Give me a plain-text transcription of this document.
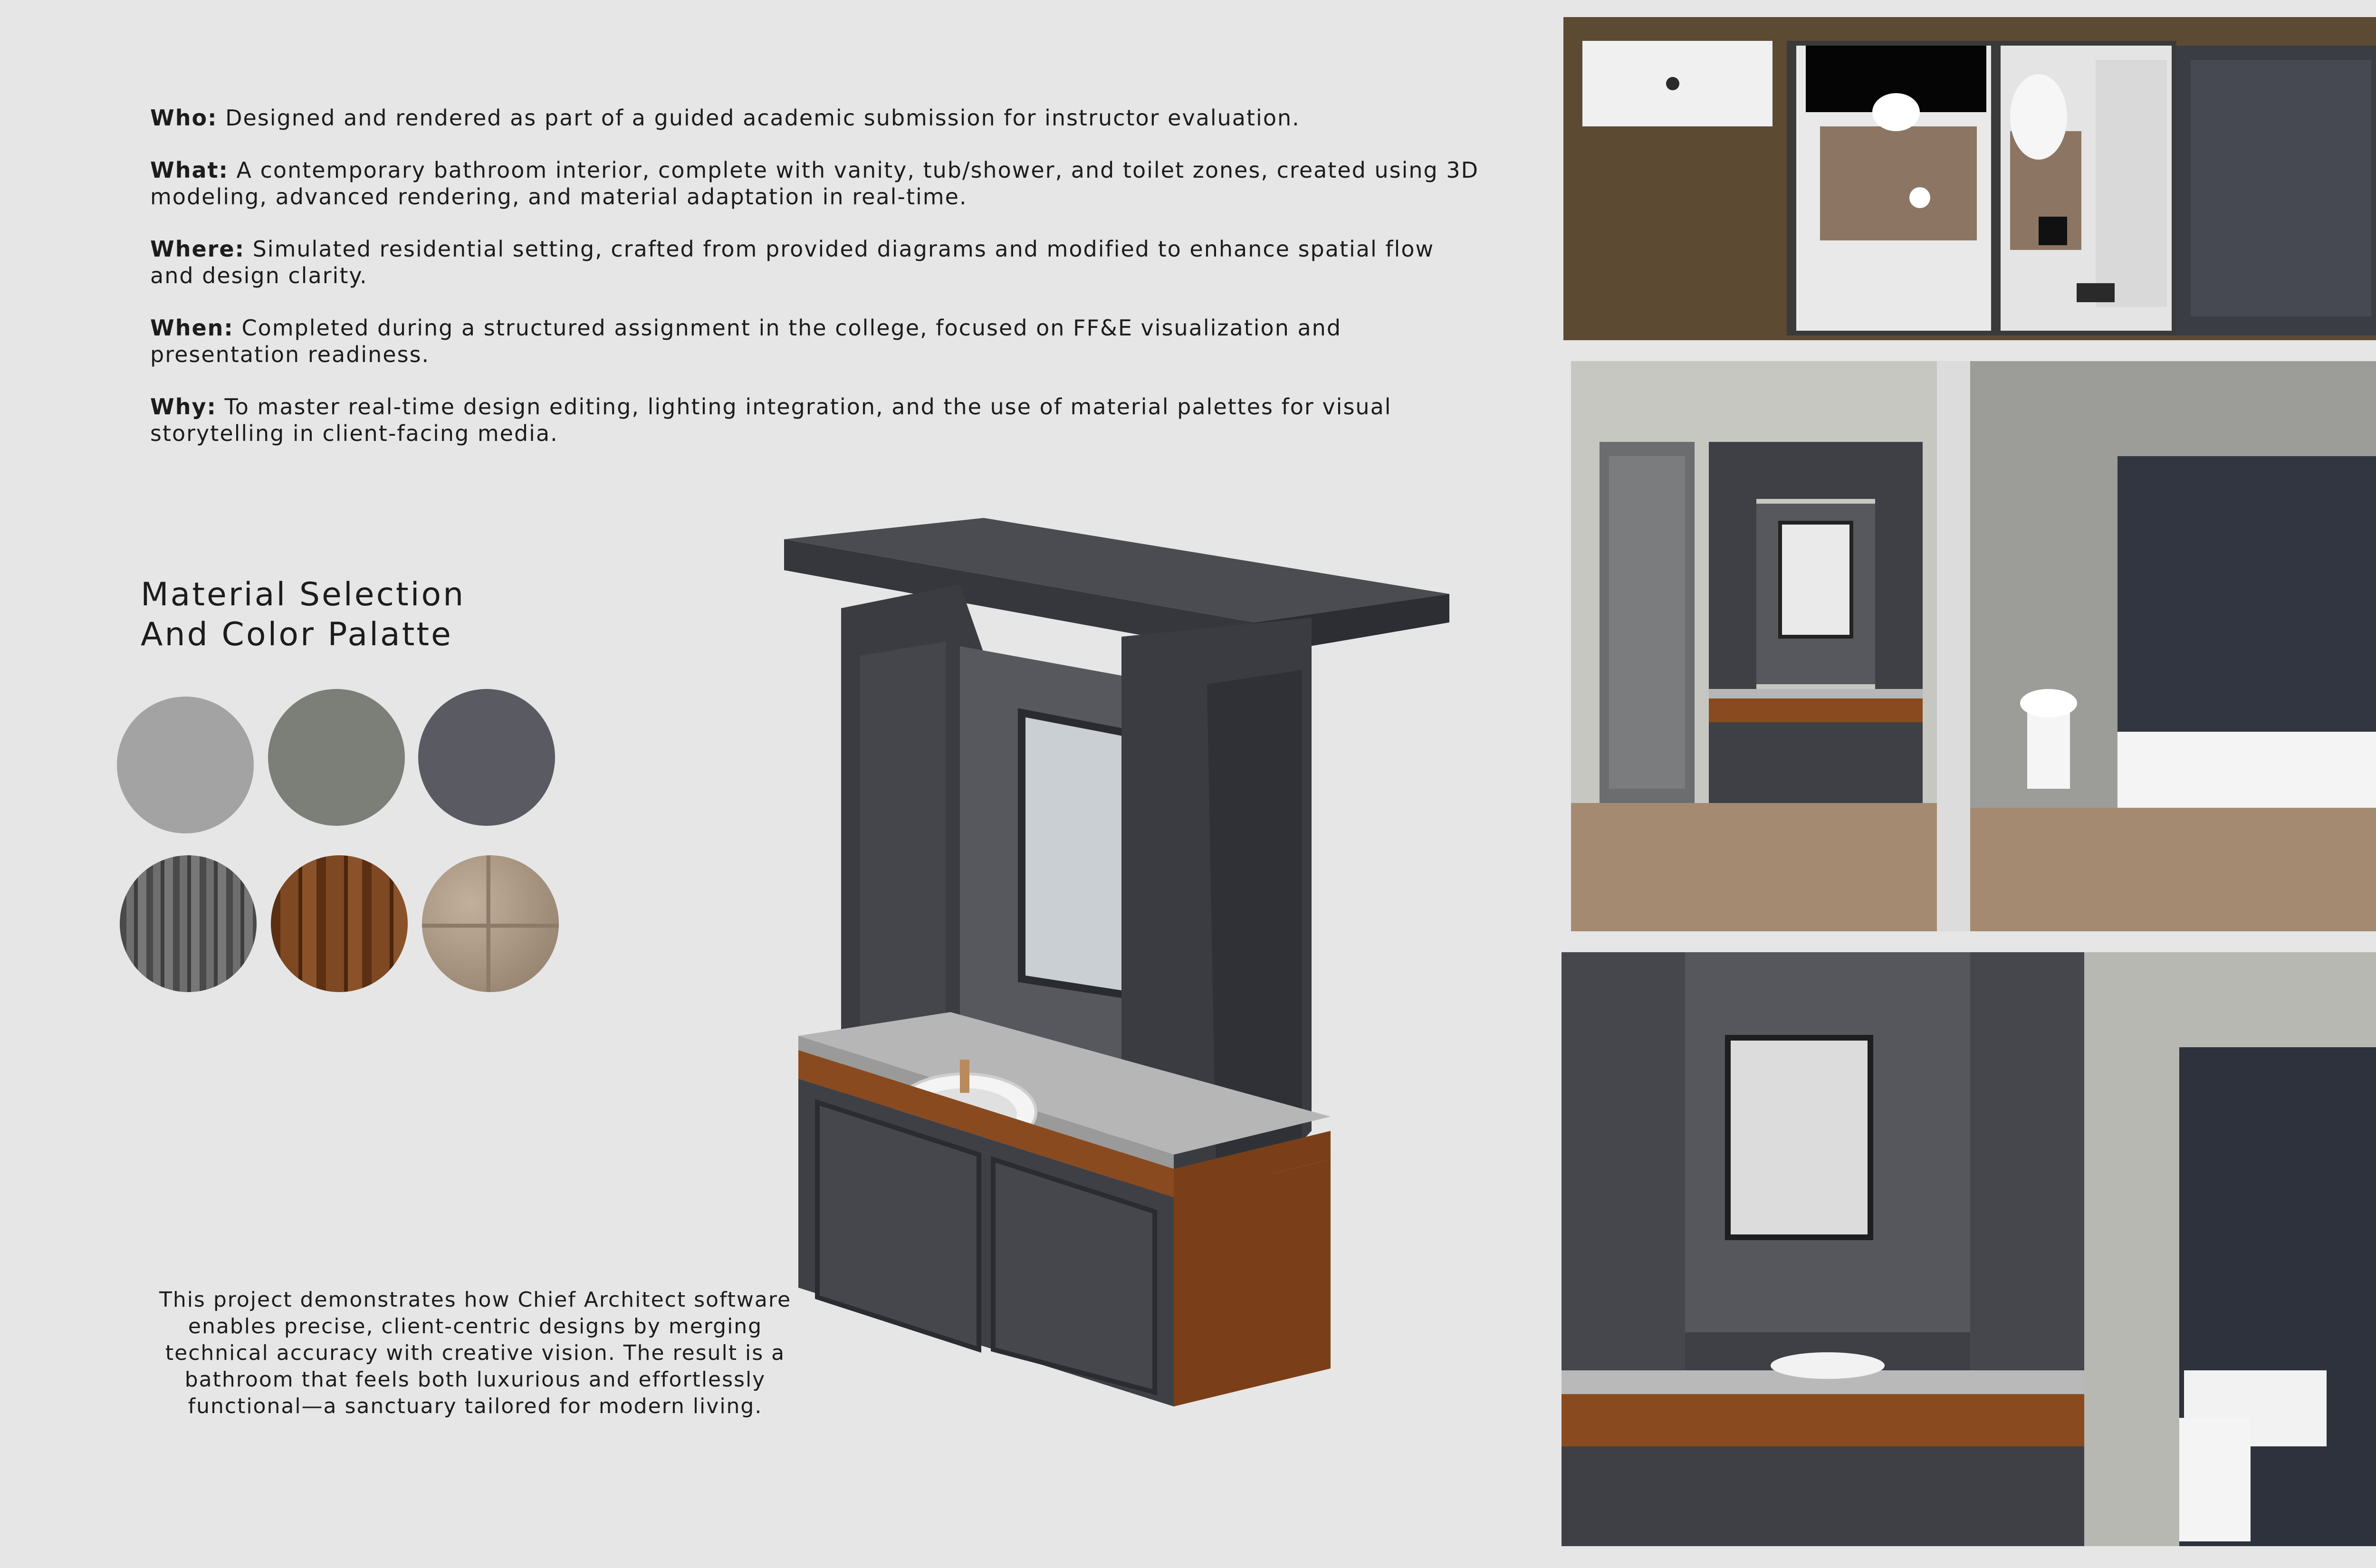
Who: Designed and rendered as part of a guided academic submission for instructor evaluation.

What: A contemporary bathroom interior, complete with vanity, tub/shower, and toilet zones, created using 3D modeling, advanced rendering, and material adaptation in real-time.

Where: Simulated residential setting, crafted from provided diagrams and modified to enhance spatial flow and design clarity.

When: Completed during a structured assignment in the college, focused on FF&E visualization and presentation readiness.

Why: To master real-time design editing, lighting integration, and the use of material palettes for visual storytelling in client-facing media.

Material Selection
And Color Palatte
This project demonstrates how Chief Architect software enables precise, client-centric designs by merging technical accuracy with creative vision. The result is a bathroom that feels both luxurious and effortlessly functional—a sanctuary tailored for modern living.
